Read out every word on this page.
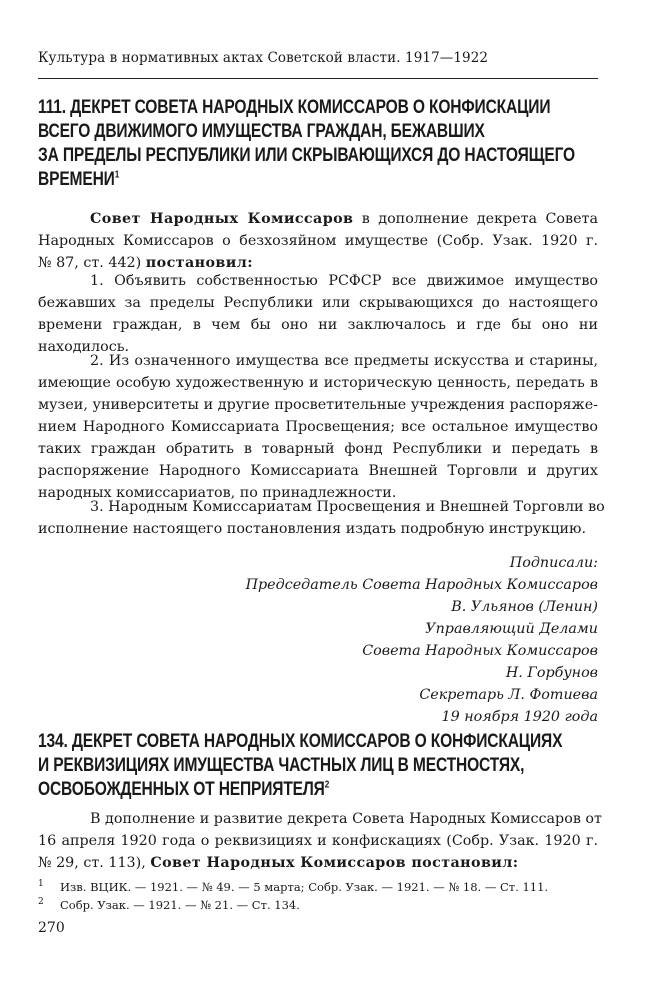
Культура в нормативных актах Советской власти. 1917—1922
111. ДЕКРЕТ СОВЕТА НАРОДНЫХ КОМИССАРОВ О КОНФИСКАЦИИ
ВСЕГО ДВИЖИМОГО ИМУЩЕСТВА ГРАЖДАН, БЕЖАВШИХ
ЗА ПРЕДЕЛЫ РЕСПУБЛИКИ ИЛИ СКРЫВАЮЩИХСЯ ДО НАСТОЯЩЕГО
ВРЕМЕНИ$^1$
Совет Народных Комиссаров в дополнение декрета Совета
Народных Комиссаров о безхозяйном имуществе (Собр. Узак. 1920 г.
№ 87, ст. 442) постановил:
1. Объявить собственностью РСФСР все движимое имущество
бежавших за пределы Республики или скрывающихся до настоящего
времени граждан, в чем бы оно ни заключалось и где бы оно ни
находилось.
2. Из означенного имущества все предметы искусства и старины,
имеющие особую художественную и историческую ценность, передать в
музеи, университеты и другие просветительные учреждения распоряже-
нием Народного Комиссариата Просвещения; все остальное имущество
таких граждан обратить в товарный фонд Республики и передать в
распоряжение Народного Комиссариата Внешней Торговли и других
народных комиссариатов, по принадлежности.
3. Народным Комиссариатам Просвещения и Внешней Торговли во
исполнение настоящего постановления издать подробную инструкцию.
Подписали:
Председатель Совета Народных Комиссаров
В. Ульянов (Ленин)
Управляющий Делами
Совета Народных Комиссаров
Н. Горбунов
Секретарь Л. Фотиева
19 ноября 1920 года
134. ДЕКРЕТ СОВЕТА НАРОДНЫХ КОМИССАРОВ О КОНФИСКАЦИЯХ
И РЕКВИЗИЦИЯХ ИМУЩЕСТВА ЧАСТНЫХ ЛИЦ В МЕСТНОСТЯХ,
ОСВОБОЖДЕННЫХ ОТ НЕПРИЯТЕЛЯ$^2$
В дополнение и развитие декрета Совета Народных Комиссаров от
16 апреля 1920 года о реквизициях и конфискациях (Собр. Узак. 1920 г.
№ 29, ст. 113), Совет Народных Комиссаров постановил:
1 Изв. ВЦИК. — 1921. — № 49. — 5 марта; Собр. Узак. — 1921. — № 18. — Ст. 111.
2 Собр. Узак. — 1921. — № 21. — Ст. 134.
270
